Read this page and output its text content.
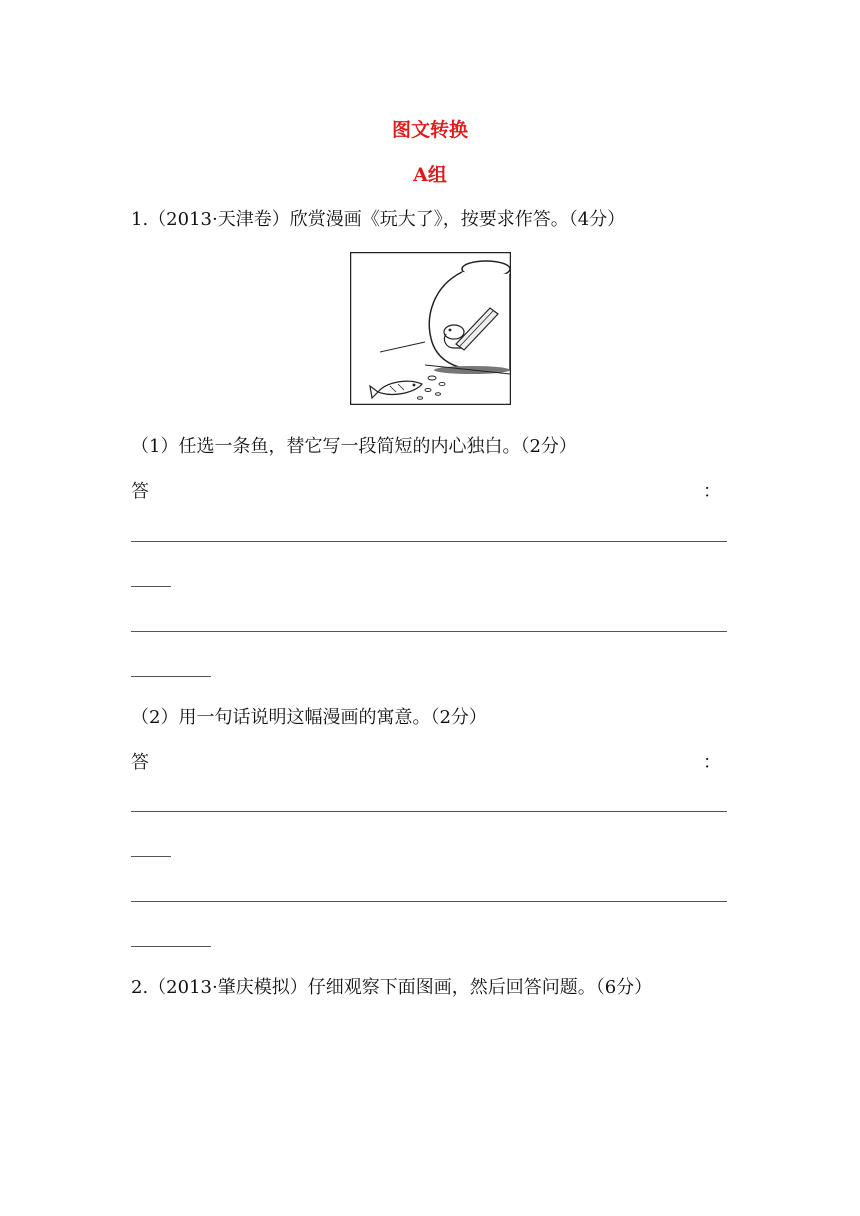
图文转换
A组
1.（2013·天津卷）欣赏漫画《玩大了》，按要求作答。（4分）
（1）任选一条鱼，替它写一段简短的内心独白。（2分）
答	：
（2）用一句话说明这幅漫画的寓意。（2分）
答	：
2.（2013·肇庆模拟）仔细观察下面图画，然后回答问题。（6分）
